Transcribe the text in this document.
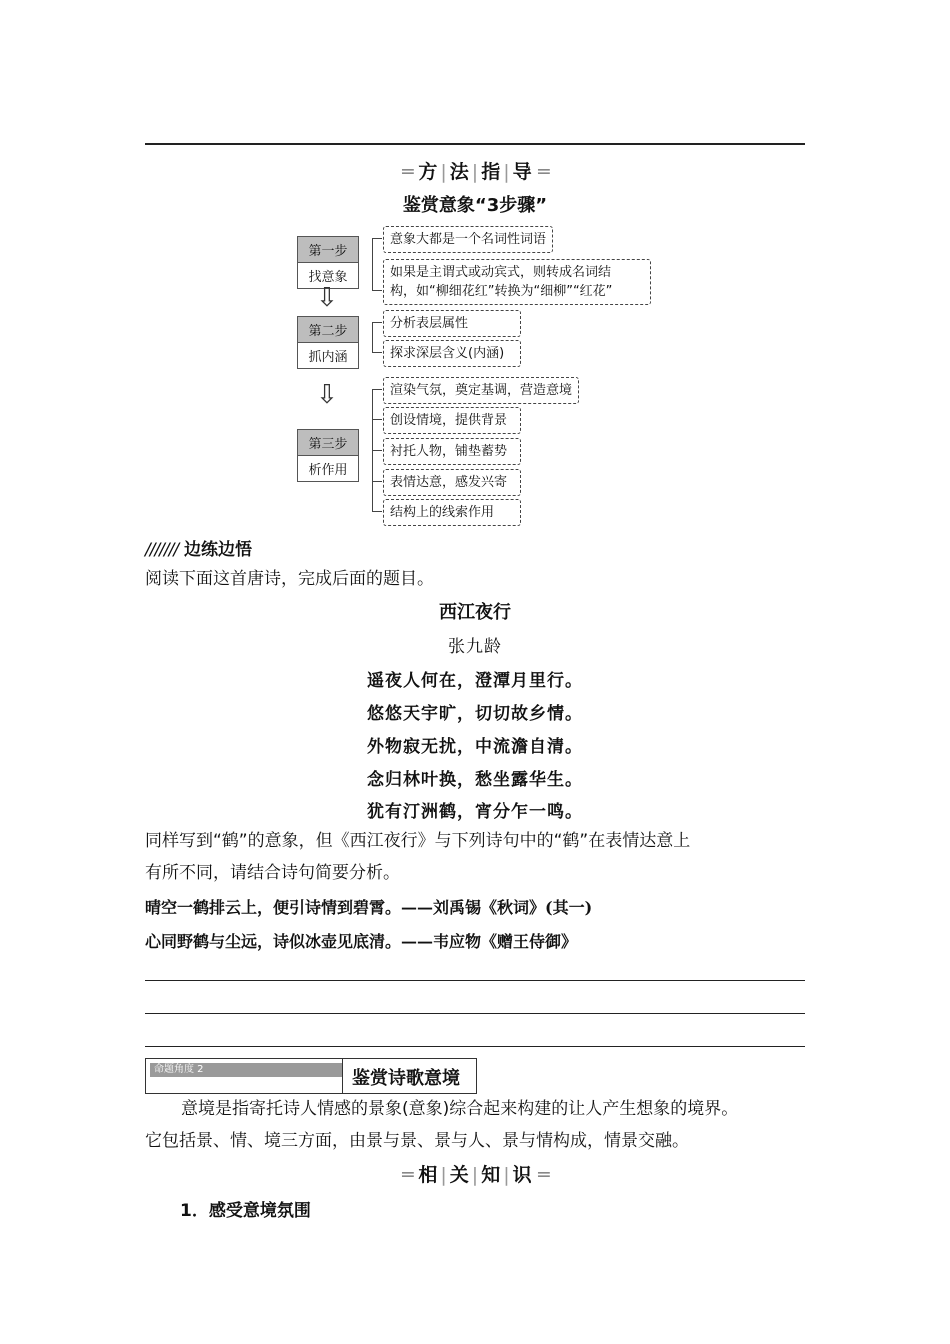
═ 方 | 法 | 指 | 导 ═
鉴赏意象“3步骤”
第一步
找意象
意象大都是一个名词性词语
如果是主谓式或动宾式，则转成名词结
构，如“柳细花红”转换为“细柳”“红花”
⇩
第二步
抓内涵
分析表层属性
探求深层含义(内涵)
⇩
第三步
析作用
渲染气氛，奠定基调，营造意境
创设情境，提供背景
衬托人物，铺垫蓄势
表情达意，感发兴寄
结构上的线索作用
/////// 边练边悟
阅读下面这首唐诗，完成后面的题目。
西江夜行
张九龄
遥夜人何在，澄潭月里行。
悠悠天宇旷，切切故乡情。
外物寂无扰，中流澹自清。
念归林叶换，愁坐露华生。
犹有汀洲鹤，宵分乍一鸣。
同样写到“鹤”的意象，但《西江夜行》与下列诗句中的“鹤”在表情达意上
有所不同，请结合诗句简要分析。
晴空一鹤排云上，便引诗情到碧霄。——刘禹锡《秋词》(其一)
心同野鹤与尘远，诗似冰壶见底清。——韦应物《赠王侍御》
命题角度 2	鉴赏诗歌意境
意境是指寄托诗人情感的景象(意象)综合起来构建的让人产生想象的境界。
它包括景、情、境三方面，由景与景、景与人、景与情构成，情景交融。
═ 相 | 关 | 知 | 识 ═
1．感受意境氛围
